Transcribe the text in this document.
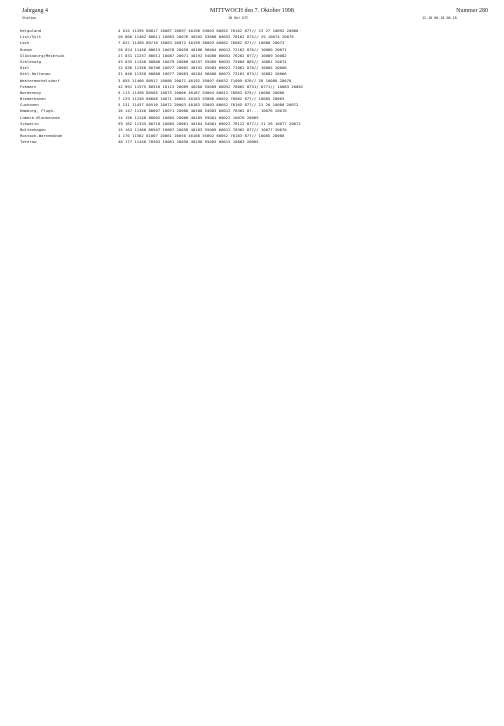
Jahrgang 4	MITTWOCH den 7. Oktober 1998	Nummer 280

Station

	18 Uhr UTC

	12-18 06-18 06-18

Helgoland	4 015 11395 80817 10087 20097 40190 53003 60052 76162 877// 23 27 10092 20080
List/Sylt	26 000 11462 80811 10083 20076 40202 53000 60052 76162 875// 29 10074 20076
Leck	7 022 11450 80710 10083 20072 40199 56003 60062 76062 877// 10088 20073
Husum	28 024 11446 80615 10070 20059 40186 56004 60012 72162 876// 10080 20071
Glücksburg/Meierwik	27 031 11257 80011 10087 20071 40192 54000 60052 76262 877// 10089 20082
Schleswig	43 035 11340 80806 10079 20066 40197 55005 60032 75060 885// 10081 20074
Kiel	12 036 11356 80706 10077 20062 40192 55003 60022 71062 876// 10085 20068
Kiel-Holtenau	31 046 11350 80808 10077 20063 40184 56000 60072 73162 873// 10082 20066
Westermarkelsdorf	3 055 11460 80917 10086 20071 40192 55007 60032 71009 876// 28 10088 20078
Fehmarn	42 091 11575 80516 10113 20069 40200 55009 60052 76062 8731/ 8771// 10083 20082
Nordenney	5 113 11450 80505 10075 20066 40187 53004 60012 76063 875// 10080 20066
Bremerhaven	7 129 11258 80608 10071 20061 40183 53006 60022 76062 877// 10085 20065
Cuxhaven	5 131 11457 80516 10072 20063 40183 53003 60052 76165 877// 21 26 10080 20072
Hamburg, Flugh.	16 147 11340 80607 10071 20068 40180 54003 60012 76362 87... 10076 20070
Lübeck-Blankensee	14 156 11240 80602 10065 20068 40185 55001 60022 10078 20065
Schwerin	59 162 11335 80710 10065 20061 40184 54001 60022 76122 877// 21 26 10077 20072
Boltenhagen	15 163 11460 80507 10067 20058 40183 55005 60012 76362 877// 10077 20070
Rostock-Warnemünde	4 170 11562 81007 10061 20050 40188 55002 60052 76163 877// 10085 20068
Teterow	46 177 11440 70503 10061 20050 40190 55003 60012 10083 20065
